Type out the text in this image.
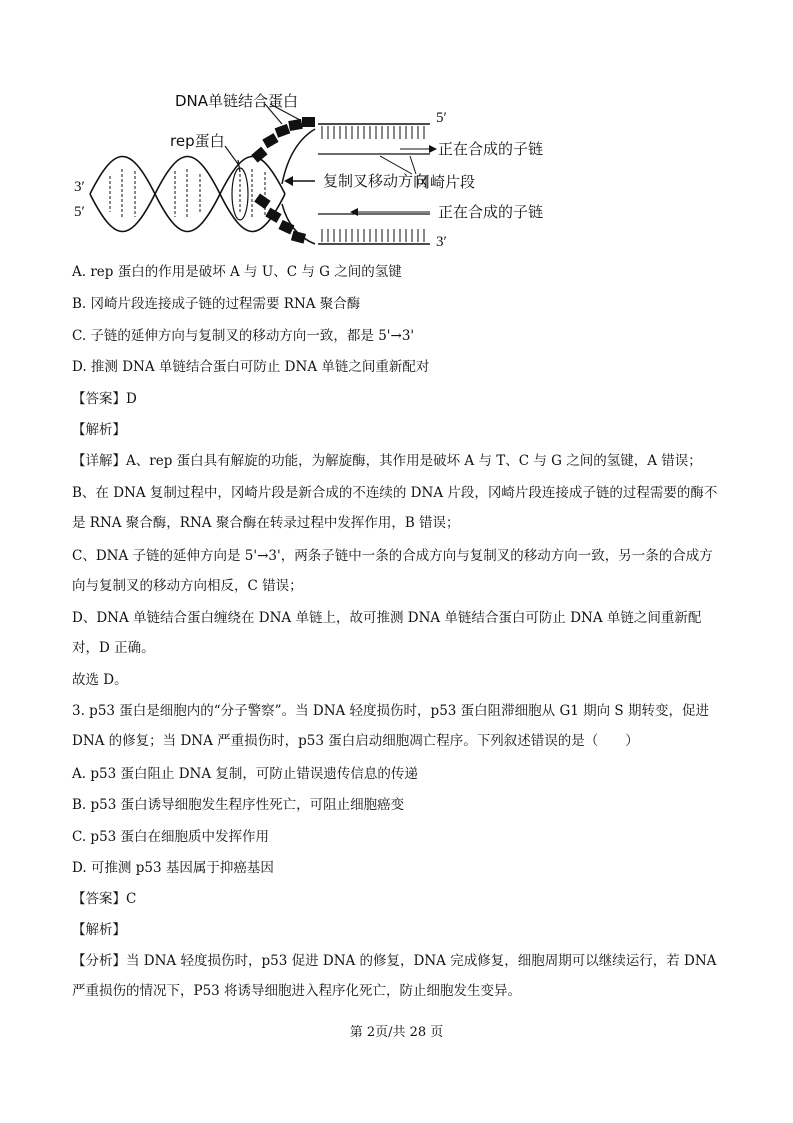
DNA单链结合蛋白
rep蛋白
复制叉移动方向
冈崎片段
正在合成的子链
正在合成的子链
5′
3′
3′
5′
A. rep 蛋白的作用是破坏 A 与 U、C 与 G 之间的氢键
B. 冈崎片段连接成子链的过程需要 RNA 聚合酶
C. 子链的延伸方向与复制叉的移动方向一致，都是 5'→3'
D. 推测 DNA 单链结合蛋白可防止 DNA 单链之间重新配对
【答案】D
【解析】
【详解】A、rep 蛋白具有解旋的功能，为解旋酶，其作用是破坏 A 与 T、C 与 G 之间的氢键，A 错误；
B、在 DNA 复制过程中，冈崎片段是新合成的不连续的 DNA 片段，冈崎片段连接成子链的过程需要的酶不是 RNA 聚合酶，RNA 聚合酶在转录过程中发挥作用，B 错误；
C、DNA 子链的延伸方向是 5'→3'，两条子链中一条的合成方向与复制叉的移动方向一致，另一条的合成方向与复制叉的移动方向相反，C 错误；
D、DNA 单链结合蛋白缠绕在 DNA 单链上，故可推测 DNA 单链结合蛋白可防止 DNA 单链之间重新配对，D 正确。
故选 D。
3. p53 蛋白是细胞内的“分子警察”。当 DNA 轻度损伤时，p53 蛋白阻滞细胞从 G1 期向 S 期转变，促进 DNA 的修复；当 DNA 严重损伤时，p53 蛋白启动细胞凋亡程序。下列叙述错误的是（　　）
A. p53 蛋白阻止 DNA 复制，可防止错误遗传信息的传递
B. p53 蛋白诱导细胞发生程序性死亡，可阻止细胞癌变
C. p53 蛋白在细胞质中发挥作用
D. 可推测 p53 基因属于抑癌基因
【答案】C
【解析】
【分析】当 DNA 轻度损伤时，p53 促进 DNA 的修复，DNA 完成修复，细胞周期可以继续运行，若 DNA 严重损伤的情况下，P53 将诱导细胞进入程序化死亡，防止细胞发生变异。
第 2页/共 28 页
